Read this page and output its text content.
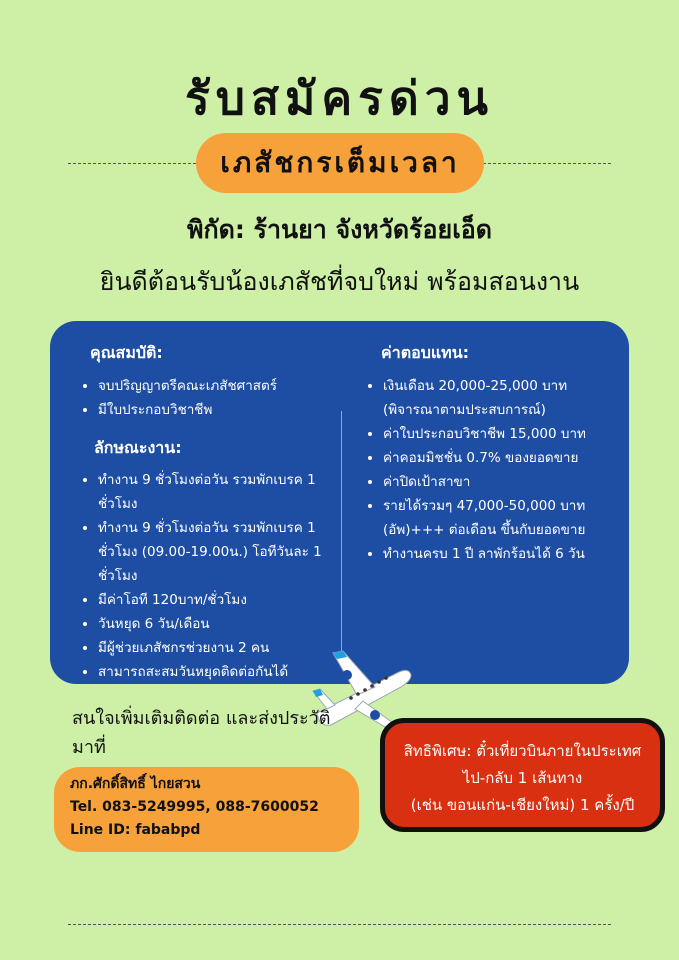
รับสมัครด่วน
เภสัชกรเต็มเวลา
พิกัด: ร้านยา จังหวัดร้อยเอ็ด
ยินดีต้อนรับน้องเภสัชที่จบใหม่ พร้อมสอนงาน
คุณสมบัติ:
• จบปริญญาตรีคณะเภสัชศาสตร์
• มีใบประกอบวิชาชีพ
ลักษณะงาน:
• ทำงาน 9 ชั่วโมงต่อวัน รวมพักเบรค 1 ชั่วโมง
• ทำงาน 9 ชั่วโมงต่อวัน รวมพักเบรค 1 ชั่วโมง (09.00-19.00น.) โอทีวันละ 1 ชั่วโมง
• มีค่าโอที 120บาท/ชั่วโมง
• วันหยุด 6 วัน/เดือน
• มีผู้ช่วยเภสัชกรช่วยงาน 2 คน
• สามารถสะสมวันหยุดติดต่อกันได้
ค่าตอบแทน:
• เงินเดือน 20,000-25,000 บาท (พิจารณาตามประสบการณ์)
• ค่าใบประกอบวิชาชีพ 15,000 บาท
• ค่าคอมมิชชั่น 0.7% ของยอดขาย
• ค่าปิดเป้าสาขา
• รายได้รวมๆ 47,000-50,000 บาท (อัพ)+++ ต่อเดือน ขึ้นกับยอดขาย
• ทำงานครบ 1 ปี ลาพักร้อนได้ 6 วัน
สนใจเพิ่มเติมติดต่อ และส่งประวัติมาที่
ภก.ศักดิ์สิทธิ์ ไกยสวน
Tel. 083-5249995, 088-7600052
Line ID: fababpd
สิทธิพิเศษ: ตั๋วเที่ยวบินภายในประเทศ
ไป-กลับ 1 เส้นทาง
(เช่น ขอนแก่น-เชียงใหม่) 1 ครั้ง/ปี
